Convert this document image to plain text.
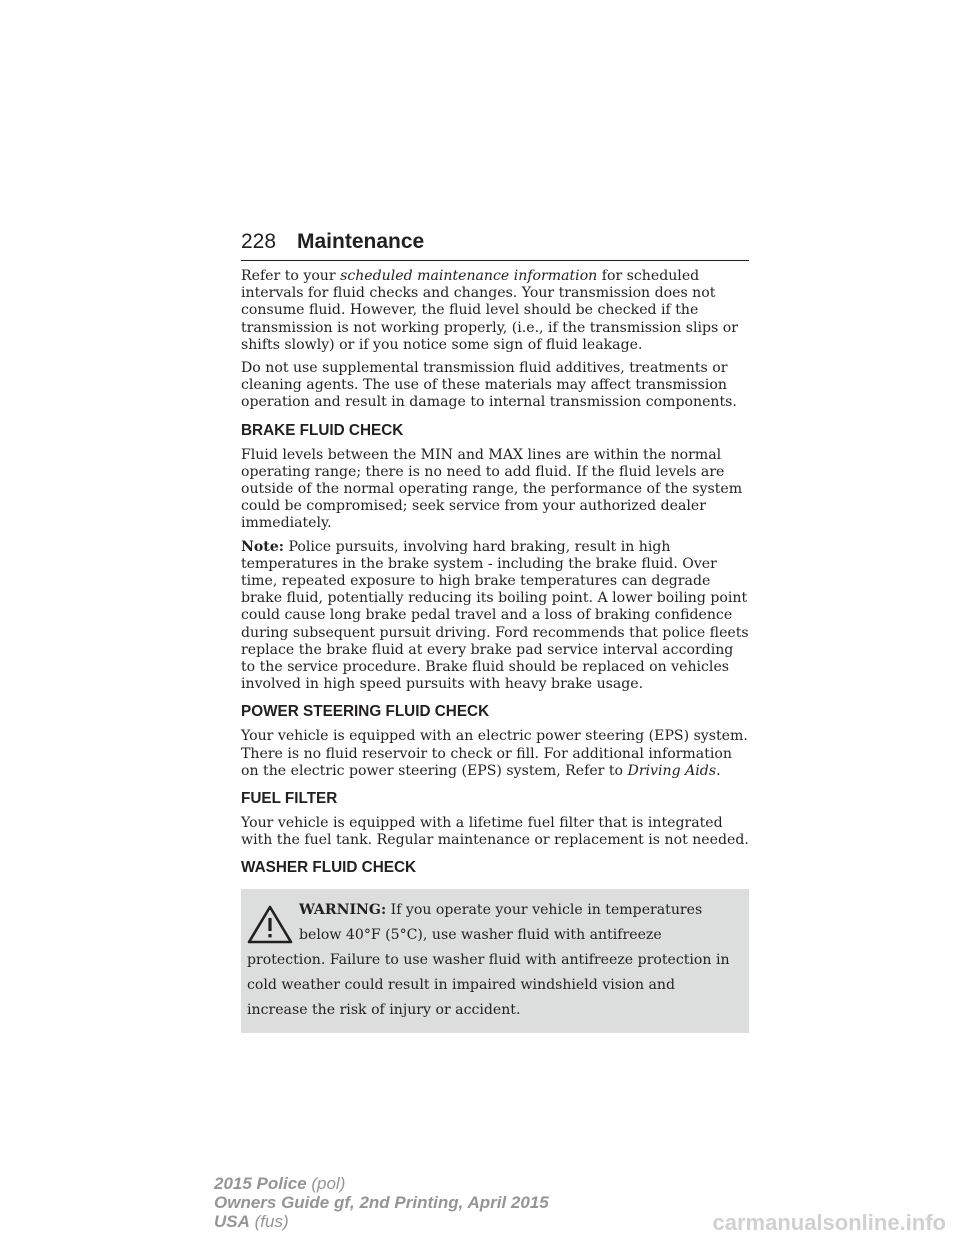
228 Maintenance

Refer to your scheduled maintenance information for scheduled intervals for fluid checks and changes. Your transmission does not consume fluid. However, the fluid level should be checked if the transmission is not working properly, (i.e., if the transmission slips or shifts slowly) or if you notice some sign of fluid leakage.

Do not use supplemental transmission fluid additives, treatments or cleaning agents. The use of these materials may affect transmission operation and result in damage to internal transmission components.

BRAKE FLUID CHECK

Fluid levels between the MIN and MAX lines are within the normal operating range; there is no need to add fluid. If the fluid levels are outside of the normal operating range, the performance of the system could be compromised; seek service from your authorized dealer immediately.

Note: Police pursuits, involving hard braking, result in high temperatures in the brake system - including the brake fluid. Over time, repeated exposure to high brake temperatures can degrade brake fluid, potentially reducing its boiling point. A lower boiling point could cause long brake pedal travel and a loss of braking confidence during subsequent pursuit driving. Ford recommends that police fleets replace the brake fluid at every brake pad service interval according to the service procedure. Brake fluid should be replaced on vehicles involved in high speed pursuits with heavy brake usage.

POWER STEERING FLUID CHECK

Your vehicle is equipped with an electric power steering (EPS) system. There is no fluid reservoir to check or fill. For additional information on the electric power steering (EPS) system, Refer to Driving Aids.

FUEL FILTER

Your vehicle is equipped with a lifetime fuel filter that is integrated with the fuel tank. Regular maintenance or replacement is not needed.

WASHER FLUID CHECK
WARNING: If you operate your vehicle in temperatures below 40°F (5°C), use washer fluid with antifreeze protection. Failure to use washer fluid with antifreeze protection in cold weather could result in impaired windshield vision and increase the risk of injury or accident.
2015 Police (pol)
Owners Guide gf, 2nd Printing, April 2015
USA (fus)	carmanualsonline.info
